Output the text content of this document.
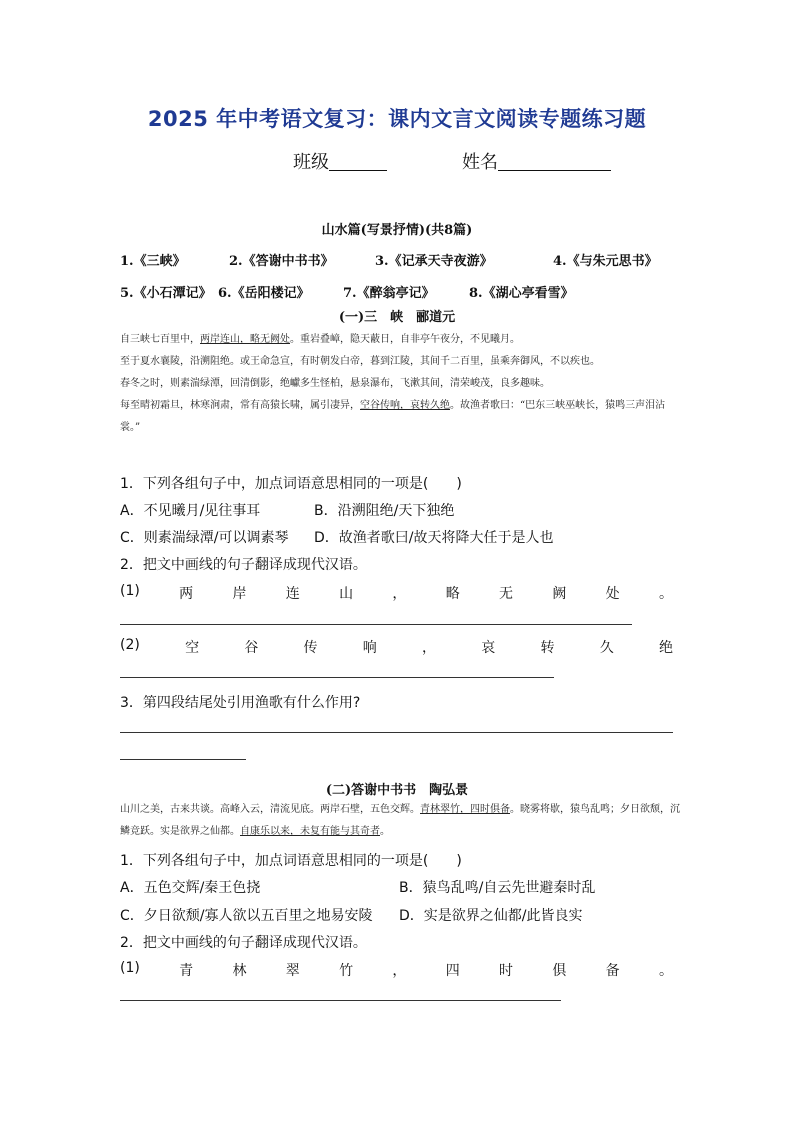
2025 年中考语文复习：课内文言文阅读专题练习题
班级	姓名
山水篇(写景抒情)(共8篇)
1.《三峡》	2.《答谢中书书》	3.《记承天寺夜游》	4.《与朱元思书》
5.《小石潭记》 6.《岳阳楼记》	7.《醉翁亭记》	8.《湖心亭看雪》
(一)三　峡　郦道元

自三峡七百里中，两岸连山，略无阙处。重岩叠嶂，隐天蔽日，自非亭午夜分，不见曦月。

至于夏水襄陵，沿溯阻绝。或王命急宣，有时朝发白帝，暮到江陵，其间千二百里，虽乘奔御风，不以疾也。

春冬之时，则素湍绿潭，回清倒影，绝巘多生怪柏，悬泉瀑布，飞漱其间，清荣峻茂，良多趣味。

每至晴初霜旦，林寒涧肃，常有高猿长啸，属引凄异，空谷传响，哀转久绝。故渔者歌曰：“巴东三峡巫峡长，猿鸣三声泪沾裳。”

1．下列各组句子中，加点词语意思相同的一项是(　　)
A．不见曦月/见往事耳	B．沿溯阻绝/天下独绝
C．则素湍绿潭/可以调素琴 D．故渔者歌曰/故天将降大任于是人也
2．把文中画线的句子翻译成现代汉语。
(1)	两	岸	连	山	，	略	无	阙	处	。
(2)	空	谷	传	响	，	哀	转	久	绝
3．第四段结尾处引用渔歌有什么作用?
(二)答谢中书书　陶弘景

山川之美，古来共谈。高峰入云，清流见底。两岸石壁，五色交辉。青林翠竹，四时俱备。晓雾将歇，猿鸟乱鸣；夕日欲颓，沉鳞竞跃。实是欲界之仙都。自康乐以来，未复有能与其奇者。

1．下列各组句子中，加点词语意思相同的一项是(　　)
A．五色交辉/秦王色挠	B．猿鸟乱鸣/自云先世避秦时乱
C．夕日欲颓/寡人欲以五百里之地易安陵 D．实是欲界之仙都/此皆良实
2．把文中画线的句子翻译成现代汉语。
(1)	青	林	翠	竹	，	四	时	俱	备	。
